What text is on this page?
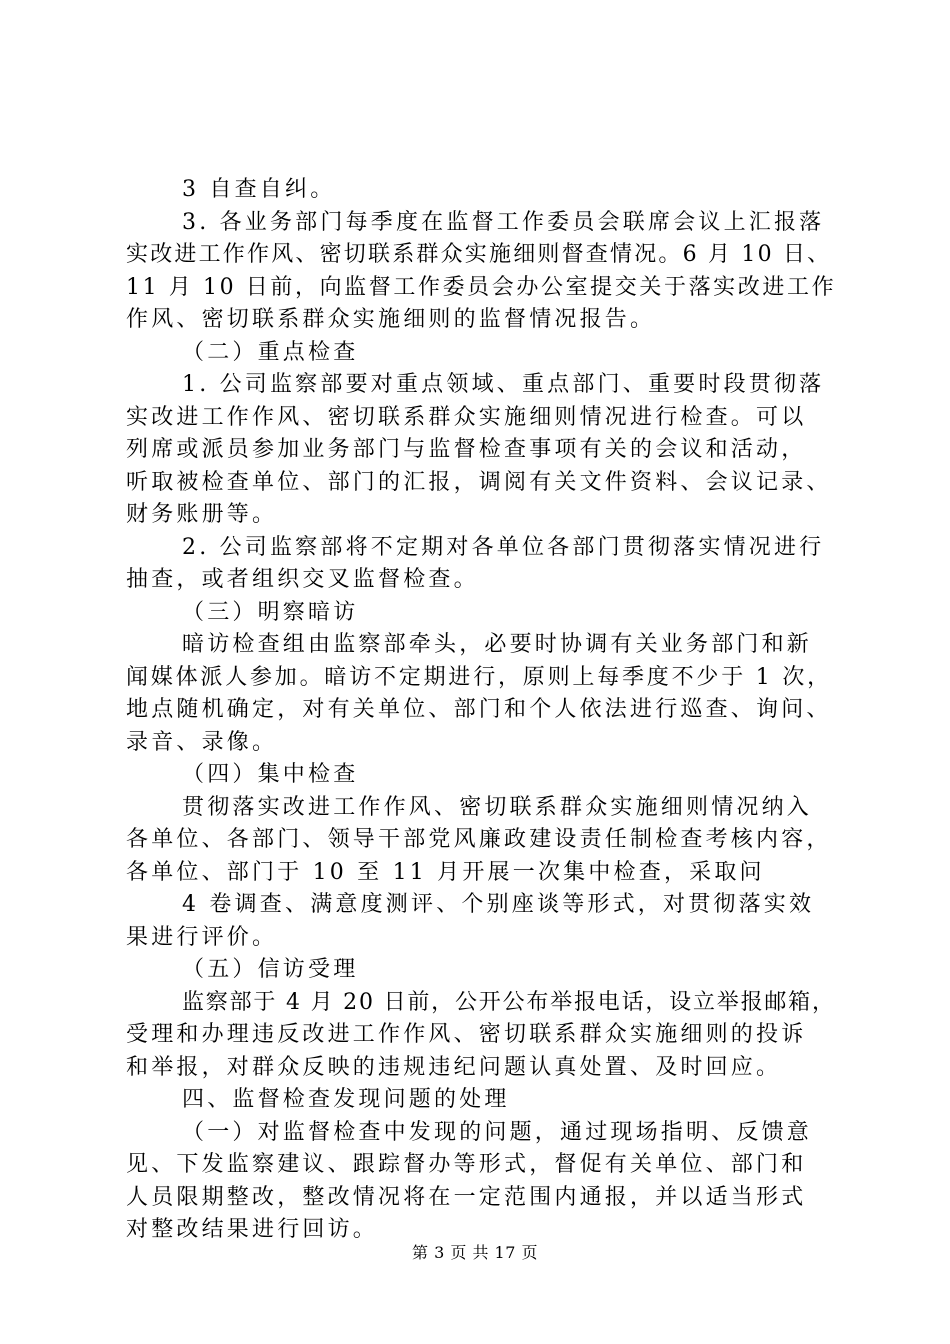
3 自查自纠。
3. 各业务部门每季度在监督工作委员会联席会议上汇报落
实改进工作作风、密切联系群众实施细则督查情况。6 月 10 日、
11 月 10 日前，向监督工作委员会办公室提交关于落实改进工作
作风、密切联系群众实施细则的监督情况报告。
（二）重点检查
1. 公司监察部要对重点领域、重点部门、重要时段贯彻落
实改进工作作风、密切联系群众实施细则情况进行检查。可以
列席或派员参加业务部门与监督检查事项有关的会议和活动，
听取被检查单位、部门的汇报，调阅有关文件资料、会议记录、
财务账册等。
2. 公司监察部将不定期对各单位各部门贯彻落实情况进行
抽查，或者组织交叉监督检查。
（三）明察暗访
暗访检查组由监察部牵头，必要时协调有关业务部门和新
闻媒体派人参加。暗访不定期进行，原则上每季度不少于 1 次，
地点随机确定，对有关单位、部门和个人依法进行巡查、询问、
录音、录像。
（四）集中检查
贯彻落实改进工作作风、密切联系群众实施细则情况纳入
各单位、各部门、领导干部党风廉政建设责任制检查考核内容，
各单位、部门于 10 至 11 月开展一次集中检查，采取问
4 卷调查、满意度测评、个别座谈等形式，对贯彻落实效
果进行评价。
（五）信访受理
监察部于 4 月 20 日前，公开公布举报电话，设立举报邮箱，
受理和办理违反改进工作作风、密切联系群众实施细则的投诉
和举报，对群众反映的违规违纪问题认真处置、及时回应。
四、监督检查发现问题的处理
（一）对监督检查中发现的问题，通过现场指明、反馈意
见、下发监察建议、跟踪督办等形式，督促有关单位、部门和
人员限期整改，整改情况将在一定范围内通报，并以适当形式
对整改结果进行回访。
第 3 页 共 17 页
